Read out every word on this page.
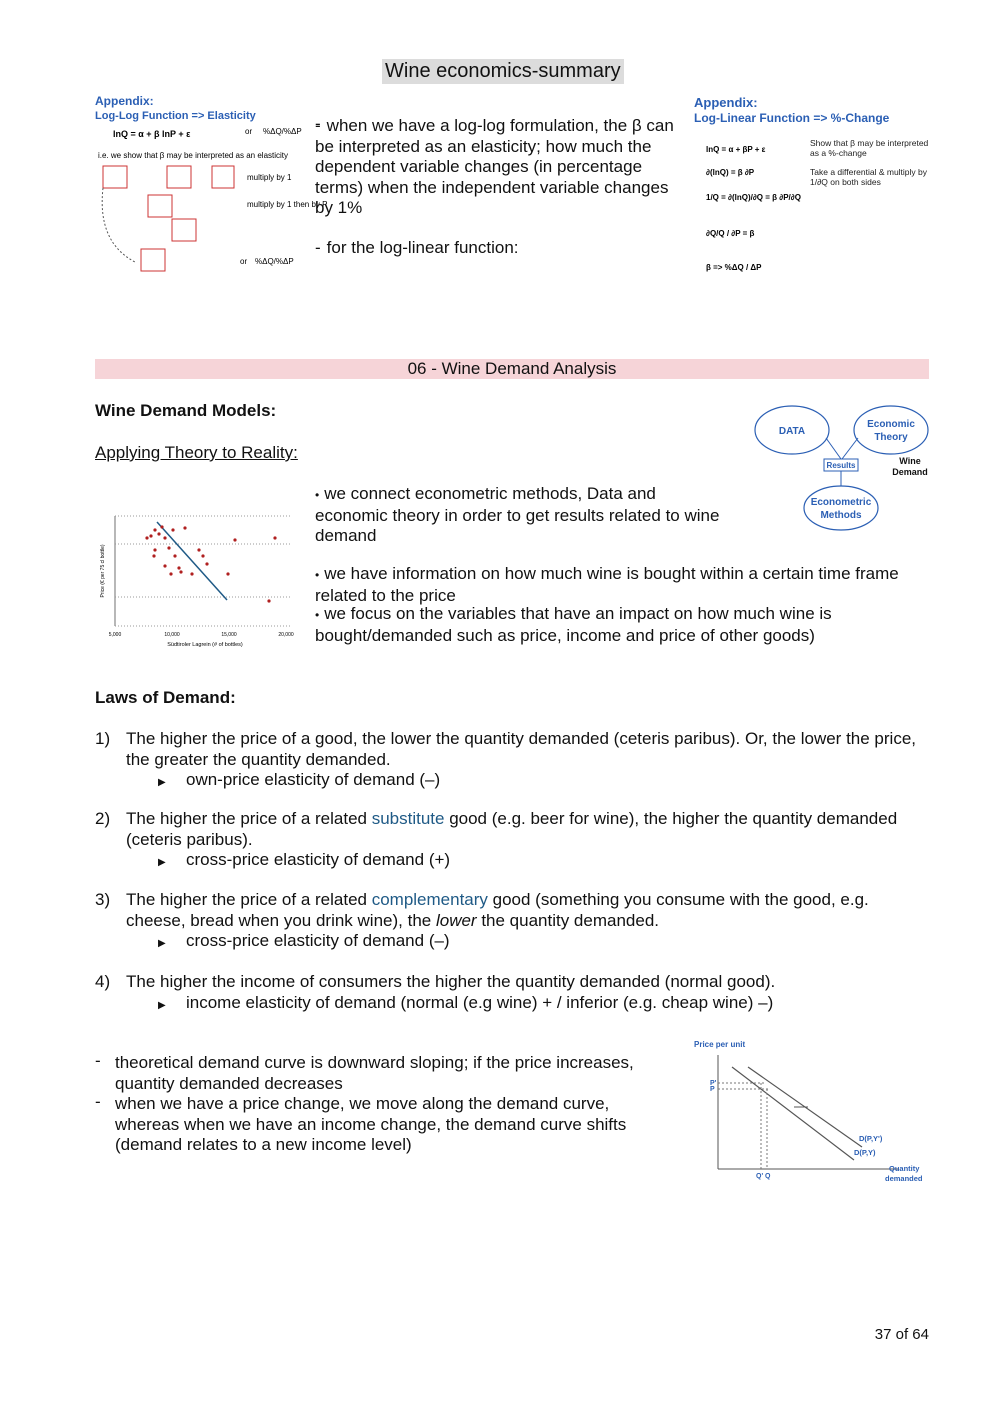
Wine economics-summary
Appendix:
Log-Log Function => Elasticity
lnQ = α + β lnP + ε	or %ΔQ/%ΔP
i.e. we show that β may be interpreted as an elasticity
multiply by 1
multiply by 1 then by P
or %ΔQ/%ΔP
- - when we have a log-log formulation, the β can be interpreted as an elasticity; how much the dependent variable changes (in percentage terms) when the independent variable changes by 1%
- for the log-linear function:
Appendix:
Log-Linear Function => %-Change
lnQ = α + βP + ε
∂(lnQ) = β ∂P
1/Q = ∂(lnQ)/∂Q = β ∂P/∂Q
∂Q/Q / ∂P = β
β => %ΔQ / ΔP
Show that β may be interpreted as a %-change
Take a differential & multiply by 1/∂Q on both sides
06 - Wine Demand Analysis
Wine Demand Models:
Applying Theory to Reality:
DATA
Economic
Theory
Results	Wine
Demand
Econometric
Methods
5,000	10,000	15,000	20,000
Südtiroler Lagrein (# of bottles)
Price (€ per 75 cl bottle)
• we connect econometric methods, Data and economic theory in order to get results related to wine demand
• we have information on how much wine is bought within a certain time frame related to the price
• we focus on the variables that have an impact on how much wine is bought/demanded such as price, income and price of other goods)
Laws of Demand:
1) The higher the price of a good, the lower the quantity demanded (ceteris paribus). Or, the lower the price, the greater the quantity demanded.
▶ own-price elasticity of demand (–)
2) The higher the price of a related substitute good (e.g. beer for wine), the higher the quantity demanded (ceteris paribus).
▶ cross-price elasticity of demand (+)
3) The higher the price of a related complementary good (something you consume with the good, e.g. cheese, bread when you drink wine), the lower the quantity demanded.
▶ cross-price elasticity of demand (–)
4) The higher the income of consumers the higher the quantity demanded (normal good).
▶ income elasticity of demand (normal (e.g wine) + / inferior (e.g. cheap wine) –)
- theoretical demand curve is downward sloping; if the price increases, quantity demanded decreases
- when we have a price change, we move along the demand curve, whereas when we have an income change, the demand curve shifts (demand relates to a new income level)
Price per unit
P'
P
Q' Q
D(P,Y')
D(P,Y)
Quantity
demanded
37 of 64
